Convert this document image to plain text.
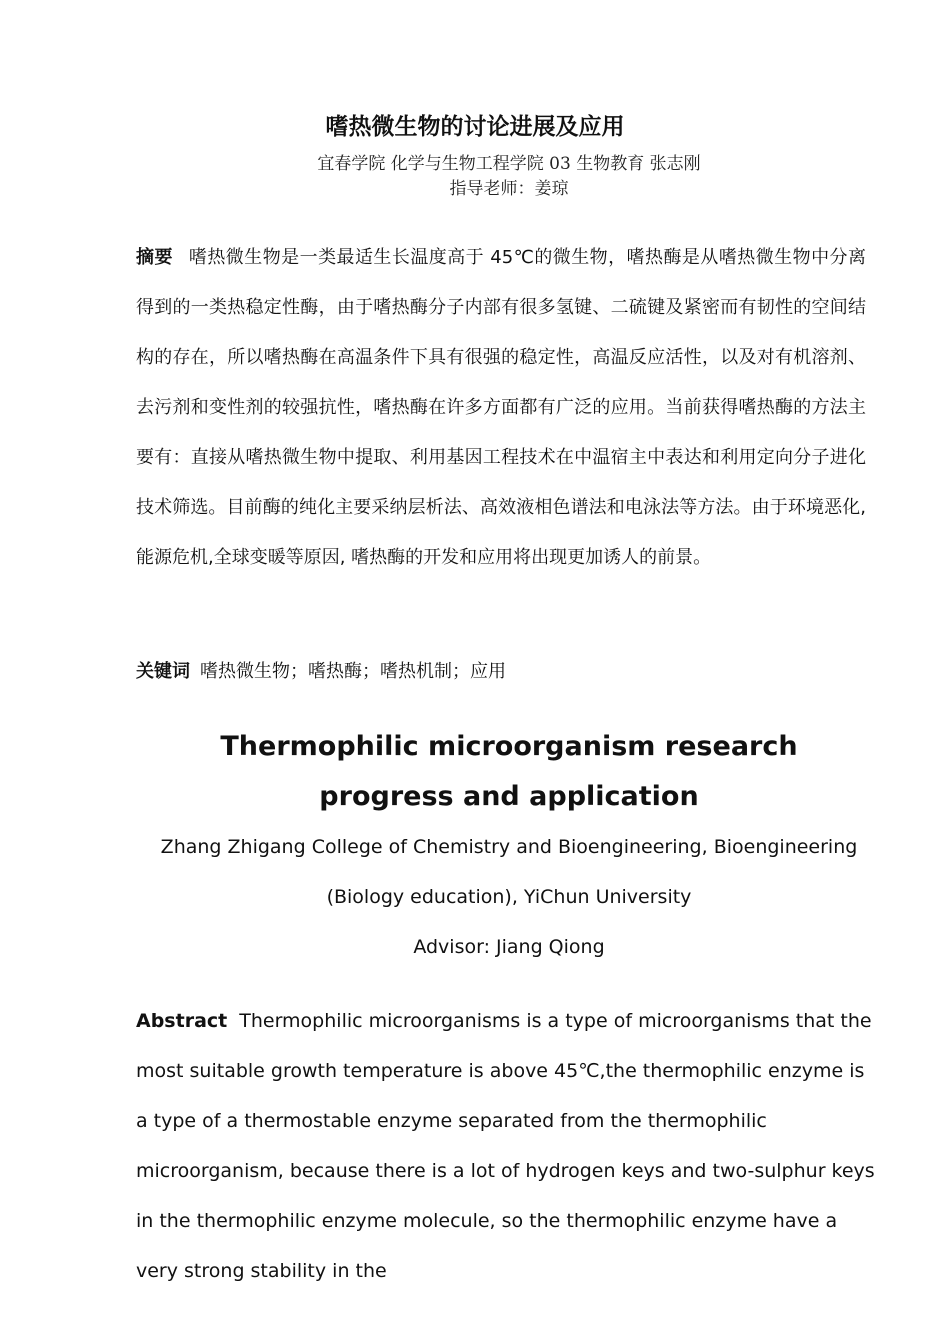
嗜热微生物的讨论进展及应用
宜春学院 化学与生物工程学院 03 生物教育 张志刚
指导老师：姜琼
摘要 嗜热微生物是一类最适生长温度高于 45℃的微生物，嗜热酶是从嗜热微生物中分离得到的一类热稳定性酶，由于嗜热酶分子内部有很多氢键、二硫键及紧密而有韧性的空间结构的存在，所以嗜热酶在高温条件下具有很强的稳定性，高温反应活性，以及对有机溶剂、去污剂和变性剂的较强抗性，嗜热酶在许多方面都有广泛的应用。当前获得嗜热酶的方法主要有：直接从嗜热微生物中提取、利用基因工程技术在中温宿主中表达和利用定向分子进化技术筛选。目前酶的纯化主要采纳层析法、高效液相色谱法和电泳法等方法。由于环境恶化,能源危机,全球变暖等原因, 嗜热酶的开发和应用将出现更加诱人的前景。
关键词 嗜热微生物；嗜热酶；嗜热机制；应用
Thermophilic microorganism research progress and application
Zhang Zhigang College of Chemistry and Bioengineering, Bioengineering (Biology education), YiChun University
Advisor: Jiang Qiong
Abstract Thermophilic microorganisms is a type of microorganisms that the most suitable growth temperature is above 45℃,the thermophilic enzyme is a type of a thermostable enzyme separated from the thermophilic microorganism, because there is a lot of hydrogen keys and two-sulphur keys in the thermophilic enzyme molecule, so the thermophilic enzyme have a very strong stability in the
